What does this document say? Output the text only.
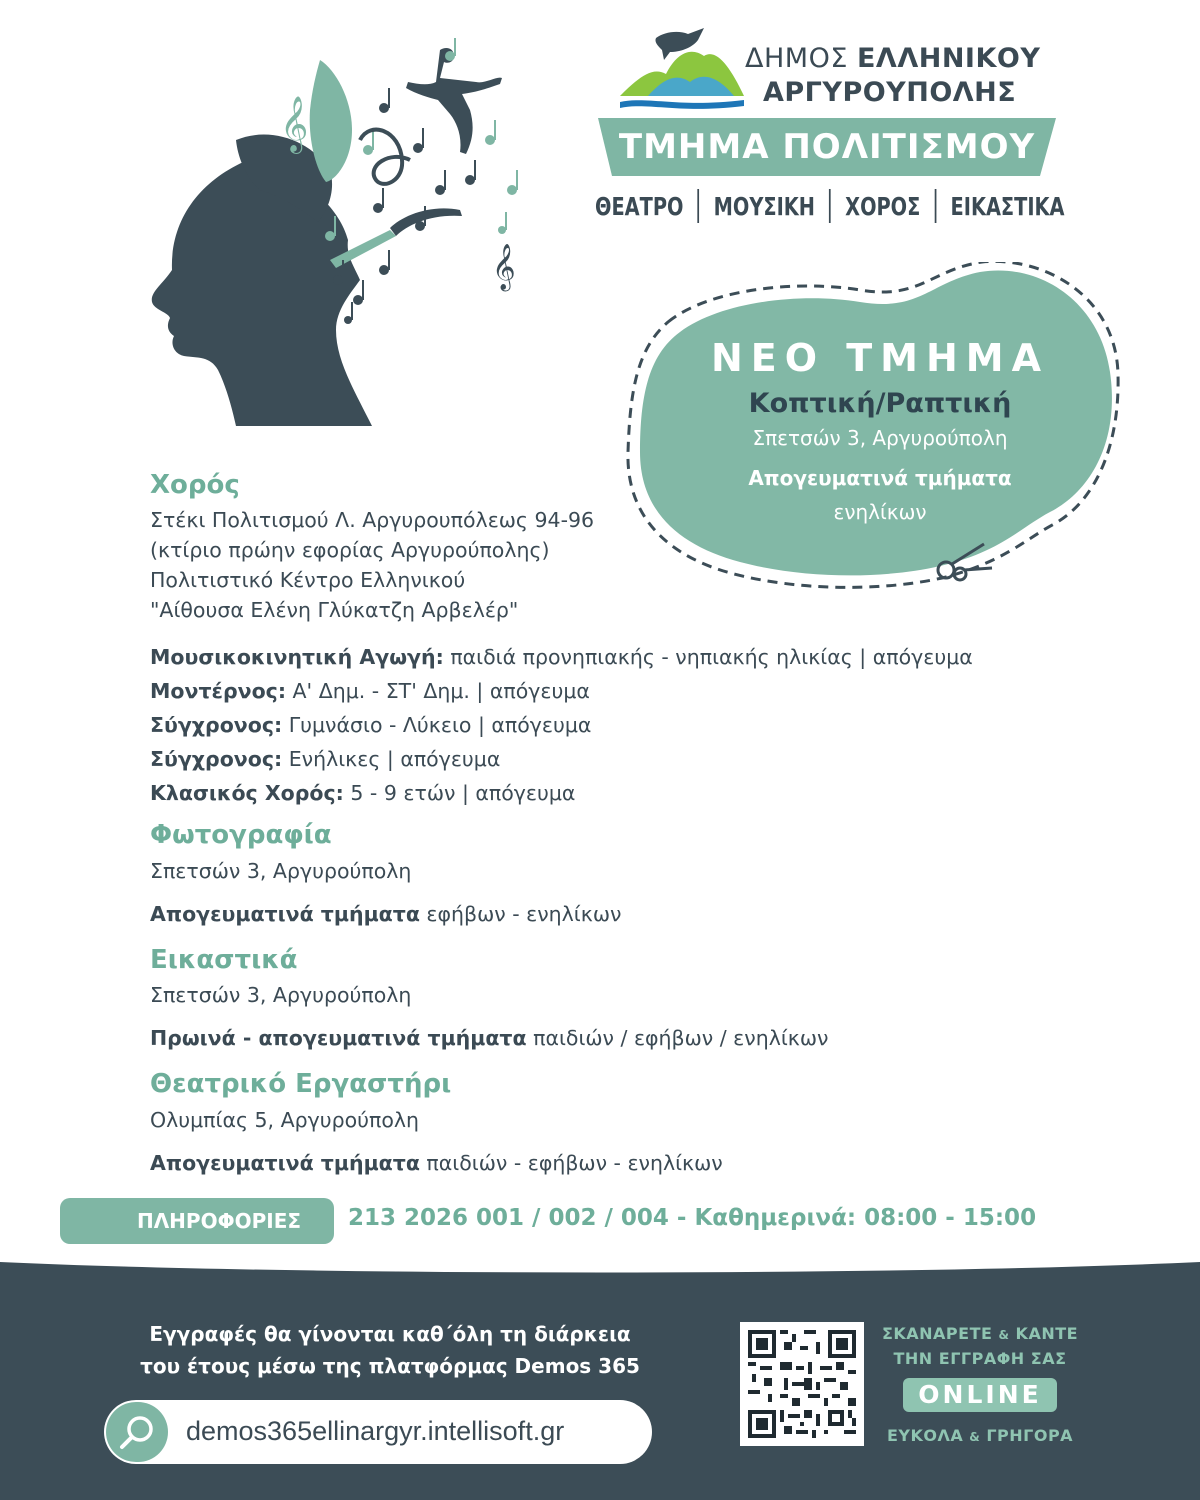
𝄞
𝄞
ΔΗΜΟΣ ΕΛΛΗΝΙΚΟΥ
ΑΡΓΥΡΟΥΠΟΛΗΣ
ΤΜΗΜΑ ΠΟΛΙΤΙΣΜΟΥ
ΘΕΑΤΡΟ ΜΟΥΣΙΚΗ ΧΟΡΟΣ ΕΙΚΑΣΤΙΚΑ
ΝΕΟ ΤΜΗΜΑ
Κοπτική/Ραπτική
Σπετσών 3, Αργυρούπολη
Απογευματινά τμήματα
ενηλίκων
Χορός
Στέκι Πολιτισμού Λ. Αργυρουπόλεως 94-96
(κτίριο πρώην εφορίας Αργυρούπολης)
Πολιτιστικό Κέντρο Ελληνικού
"Αίθουσα Ελένη Γλύκατζη Αρβελέρ"
Μουσικοκινητική Αγωγή: παιδιά προνηπιακής - νηπιακής ηλικίας | απόγευμα
Μοντέρνος: Α' Δημ. - ΣΤ' Δημ. | απόγευμα
Σύγχρονος: Γυμνάσιο - Λύκειο | απόγευμα
Σύγχρονος: Ενήλικες | απόγευμα
Κλασικός Χορός: 5 - 9 ετών | απόγευμα
Φωτογραφία
Σπετσών 3, Αργυρούπολη
Απογευματινά τμήματα εφήβων - ενηλίκων
Εικαστικά
Σπετσών 3, Αργυρούπολη
Πρωινά - απογευματινά τμήματα παιδιών / εφήβων / ενηλίκων
Θεατρικό Εργαστήρι
Ολυμπίας 5, Αργυρούπολη
Απογευματινά τμήματα παιδιών - εφήβων - ενηλίκων
ΠΛΗΡΟΦΟΡΙΕΣ	213 2026 001 / 002 / 004 - Καθημερινά: 08:00 - 15:00
Εγγραφές θα γίνονται καθ΄όλη τη διάρκεια
του έτους μέσω της πλατφόρμας Demos 365
demos365ellinargyr.intellisoft.gr
ΣΚΑΝΑΡΕΤΕ & ΚΑΝΤΕ
ΤΗΝ ΕΓΓΡΑΦΗ ΣΑΣ
ONLINE
ΕΥΚΟΛΑ & ΓΡΗΓΟΡΑ
